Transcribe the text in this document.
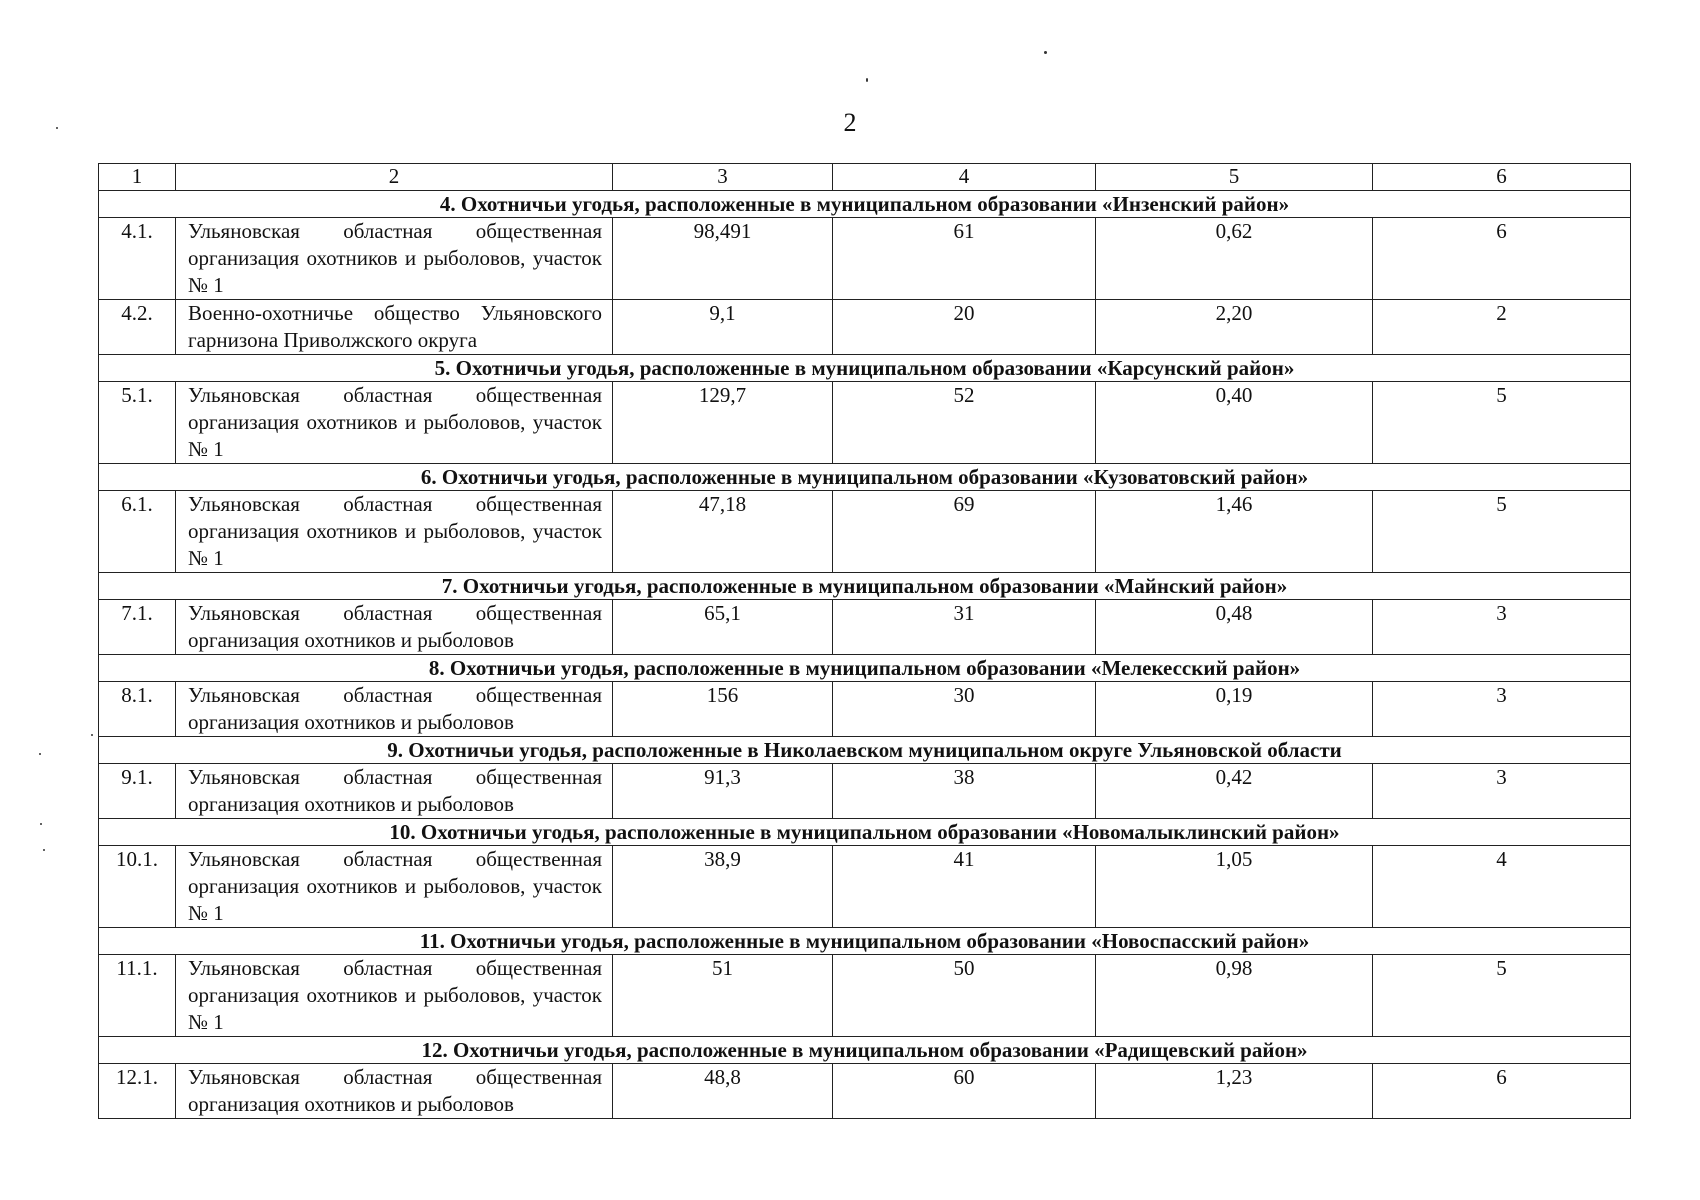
2
1	2	3	4	5	6
4. Охотничьи угодья, расположенные в муниципальном образовании «Инзенский район»					
4.1.	Ульяновская областная общественная организация охотников и рыболовов, участок № 1	98,491	61	0,62	6
4.2.	Военно-охотничье общество Ульяновского гарнизона Приволжского округа	9,1	20	2,20	2
5. Охотничьи угодья, расположенные в муниципальном образовании «Карсунский район»					
5.1.	Ульяновская областная общественная организация охотников и рыболовов, участок № 1	129,7	52	0,40	5
6. Охотничьи угодья, расположенные в муниципальном образовании «Кузоватовский район»					
6.1.	Ульяновская областная общественная организация охотников и рыболовов, участок № 1	47,18	69	1,46	5
7. Охотничьи угодья, расположенные в муниципальном образовании «Майнский район»					
7.1.	Ульяновская областная общественная организация охотников и рыболовов	65,1	31	0,48	3
8. Охотничьи угодья, расположенные в муниципальном образовании «Мелекесский район»					
8.1.	Ульяновская областная общественная организация охотников и рыболовов	156	30	0,19	3
9. Охотничьи угодья, расположенные в Николаевском муниципальном округе Ульяновской области					
9.1.	Ульяновская областная общественная организация охотников и рыболовов	91,3	38	0,42	3
10. Охотничьи угодья, расположенные в муниципальном образовании «Новомалыклинский район»					
10.1.	Ульяновская областная общественная организация охотников и рыболовов, участок № 1	38,9	41	1,05	4
11. Охотничьи угодья, расположенные в муниципальном образовании «Новоспасский район»					
11.1.	Ульяновская областная общественная организация охотников и рыболовов, участок № 1	51	50	0,98	5
12. Охотничьи угодья, расположенные в муниципальном образовании «Радищевский район»					
12.1.	Ульяновская областная общественная организация охотников и рыболовов	48,8	60	1,23	6
